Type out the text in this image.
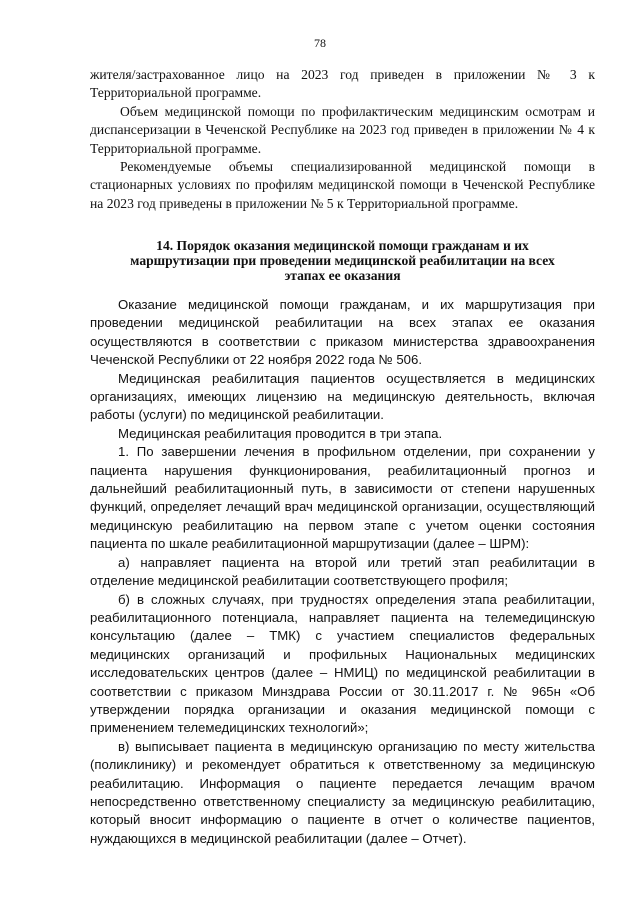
78

жителя/застрахованное лицо на 2023 год приведен в приложении № 3 к Территориальной программе.

Объем медицинской помощи по профилактическим медицинским осмотрам и диспансеризации в Чеченской Республике на 2023 год приведен в приложении № 4 к Территориальной программе.

Рекомендуемые объемы специализированной медицинской помощи в стационарных условиях по профилям медицинской помощи в Чеченской Республике на 2023 год приведены в приложении № 5 к Территориальной программе.

14. Порядок оказания медицинской помощи гражданам и их
маршрутизации при проведении медицинской реабилитации на всех
этапах ее оказания

Оказание медицинской помощи гражданам, и их маршрутизация при проведении медицинской реабилитации на всех этапах ее оказания осуществляются в соответствии с приказом министерства здравоохранения Чеченской Республики от 22 ноября 2022 года № 506.

Медицинская реабилитация пациентов осуществляется в медицинских организациях, имеющих лицензию на медицинскую деятельность, включая работы (услуги) по медицинской реабилитации.

Медицинская реабилитация проводится в три этапа.

1. По завершении лечения в профильном отделении, при сохранении у пациента нарушения функционирования, реабилитационный прогноз и дальнейший реабилитационный путь, в зависимости от степени нарушенных функций, определяет лечащий врач медицинской организации, осуществляющий медицинскую реабилитацию на первом этапе с учетом оценки состояния пациента по шкале реабилитационной маршрутизации (далее – ШРМ):

а) направляет пациента на второй или третий этап реабилитации в отделение медицинской реабилитации соответствующего профиля;

б) в сложных случаях, при трудностях определения этапа реабилитации, реабилитационного потенциала, направляет пациента на телемедицинскую консультацию (далее – ТМК) с участием специалистов федеральных медицинских организаций и профильных Национальных медицинских исследовательских центров (далее – НМИЦ) по медицинской реабилитации в соответствии с приказом Минздрава России от 30.11.2017 г. № 965н «Об утверждении порядка организации и оказания медицинской помощи с применением телемедицинских технологий»;

в) выписывает пациента в медицинскую организацию по месту жительства (поликлинику) и рекомендует обратиться к ответственному за медицинскую реабилитацию. Информация о пациенте передается лечащим врачом непосредственно ответственному специалисту за медицинскую реабилитацию, который вносит информацию о пациенте в отчет о количестве пациентов, нуждающихся в медицинской реабилитации (далее – Отчет).
